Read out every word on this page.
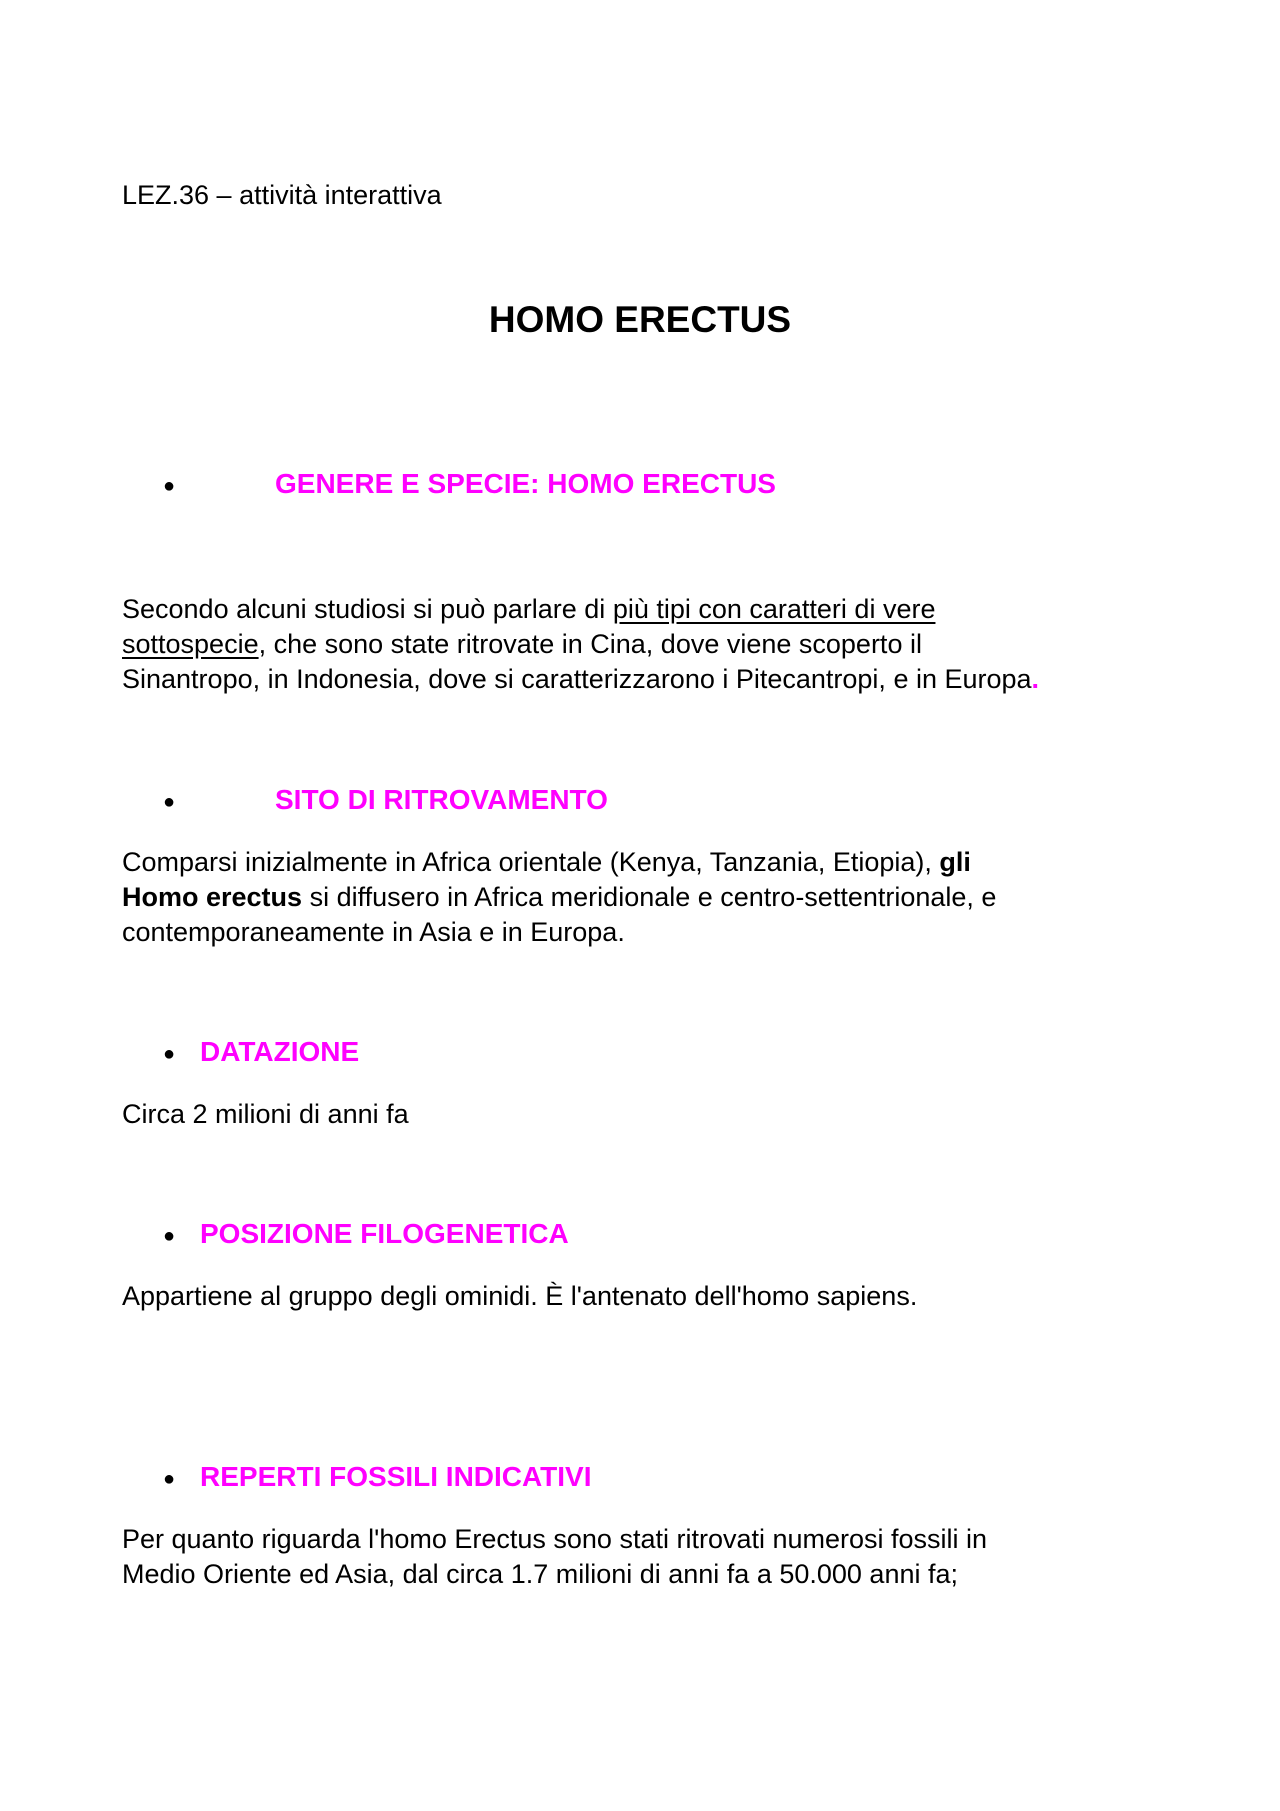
LEZ.36 – attività interattiva
HOMO ERECTUS
●	GENERE E SPECIE: HOMO ERECTUS
Secondo alcuni studiosi si può parlare di più tipi con caratteri di vere
sottospecie, che sono state ritrovate in Cina, dove viene scoperto il
Sinantropo, in Indonesia, dove si caratterizzarono i Pitecantropi, e in Europa.
●	SITO DI RITROVAMENTO
Comparsi inizialmente in Africa orientale (Kenya, Tanzania, Etiopia), gli
Homo erectus si diffusero in Africa meridionale e centro-settentrionale, e
contemporaneamente in Asia e in Europa.
● DATAZIONE
Circa 2 milioni di anni fa
● POSIZIONE FILOGENETICA
Appartiene al gruppo degli ominidi. È l'antenato dell'homo sapiens.
● REPERTI FOSSILI INDICATIVI
Per quanto riguarda l'homo Erectus sono stati ritrovati numerosi fossili in
Medio Oriente ed Asia, dal circa 1.7 milioni di anni fa a 50.000 anni fa;
